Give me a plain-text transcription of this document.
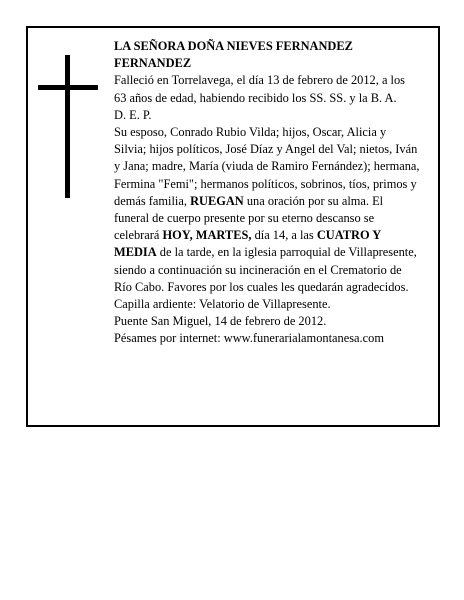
LA SEÑORA DOÑA NIEVES FERNANDEZ FERNANDEZ

Falleció en Torrelavega, el día 13 de febrero de 2012, a los 63 años de edad, habiendo recibido los SS. SS. y la B. A.

D. E. P.

Su esposo, Conrado Rubio Vilda; hijos, Oscar, Alicia y Silvia; hijos políticos, José Díaz y Angel del Val; nietos, Iván y Jana; madre, María (viuda de Ramiro Fernández); hermana, Fermina "Femi"; hermanos políticos, sobrinos, tíos, primos y demás familia, RUEGAN una oración por su alma. El funeral de cuerpo presente por su eterno descanso se celebrará HOY, MARTES, día 14, a las CUATRO Y MEDIA de la tarde, en la iglesia parroquial de Villapresente, siendo a continuación su incineración en el Crematorio de Río Cabo. Favores por los cuales les quedarán agradecidos.

Capilla ardiente: Velatorio de Villapresente.

Puente San Miguel, 14 de febrero de 2012.

Pésames por internet: www.funerarialamontanesa.com
